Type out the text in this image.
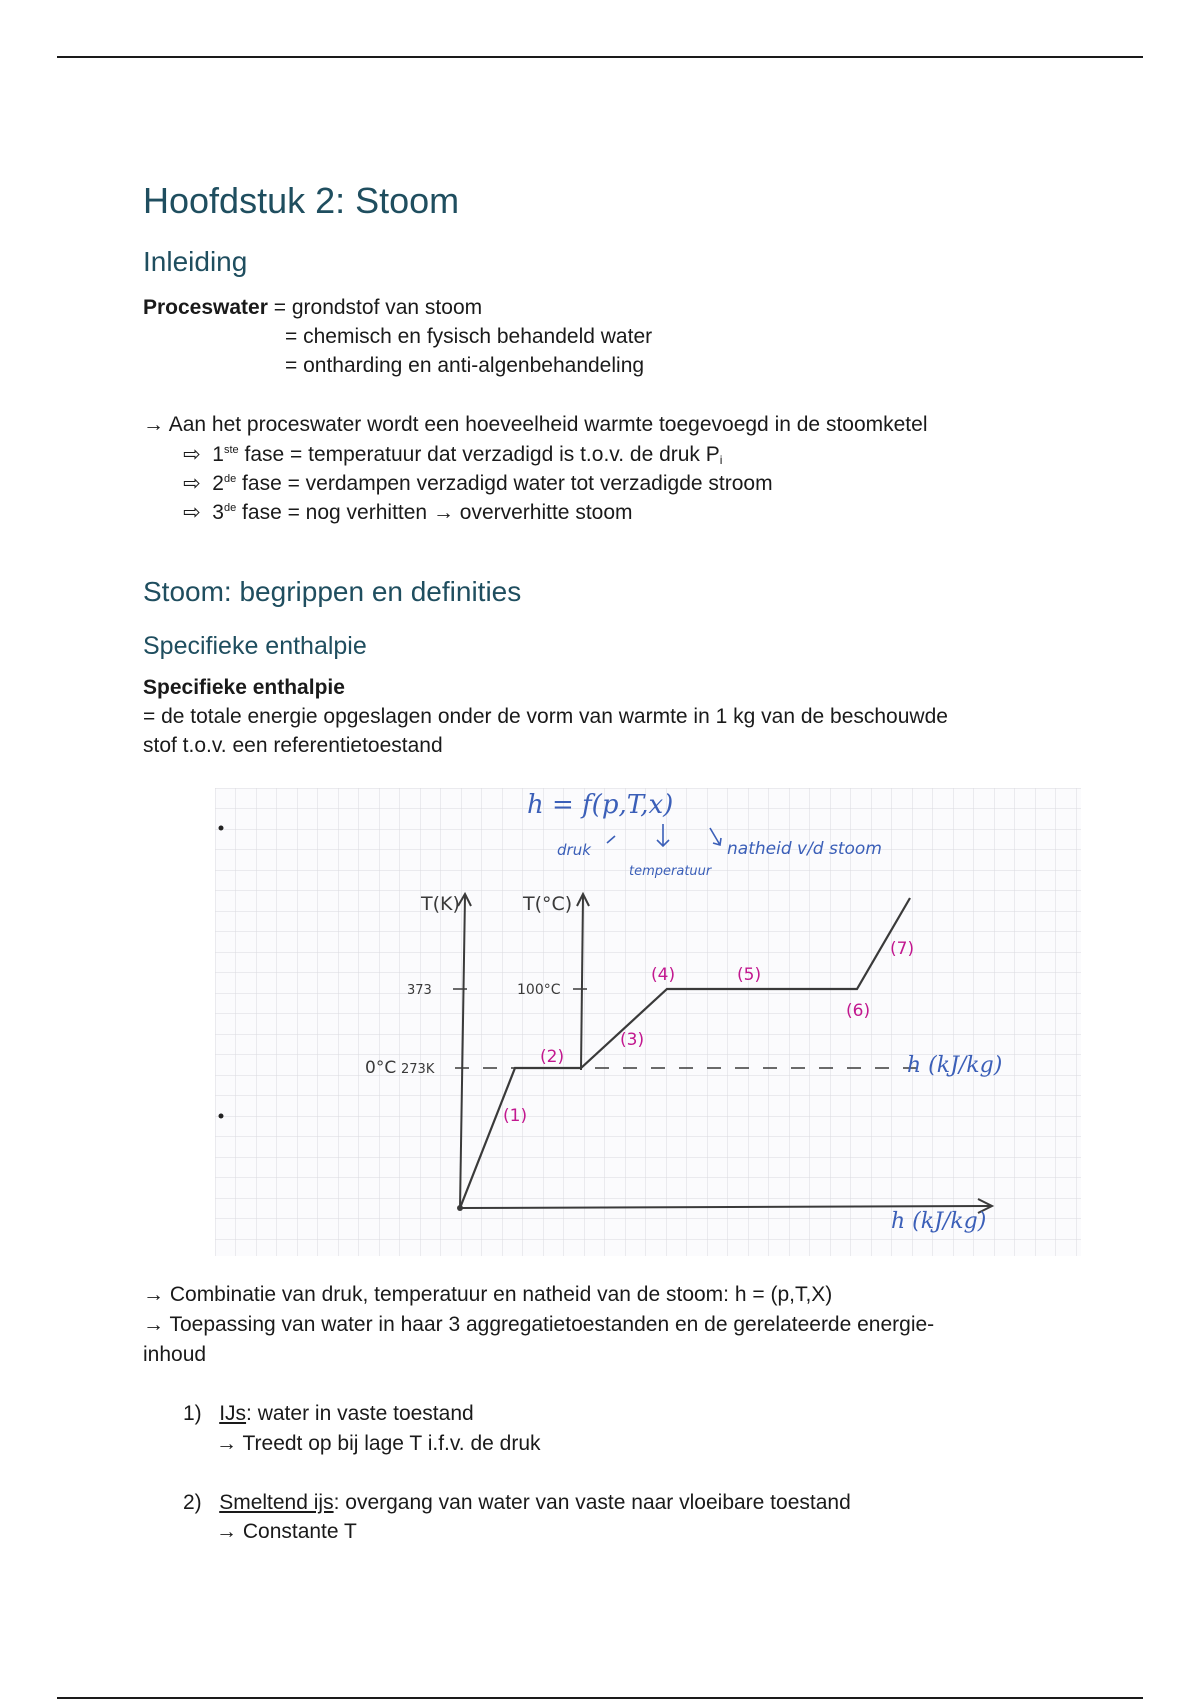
Hoofdstuk 2: Stoom
Inleiding
Proceswater = grondstof van stoom
= chemisch en fysisch behandeld water
= ontharding en anti-algenbehandeling
→ Aan het proceswater wordt een hoeveelheid warmte toegevoegd in de stoomketel
⇨ 1ste fase = temperatuur dat verzadigd is t.o.v. de druk $P_i$
⇨ 2de fase = verdampen verzadigd water tot verzadigde stroom
⇨ 3de fase = nog verhitten → oververhitte stoom
Stoom: begrippen en definities
Specifieke enthalpie
Specifieke enthalpie
= de totale energie opgeslagen onder de vorm van warmte in 1 kg van de beschouwde
stof t.o.v. een referentietoestand
h = f(p,T,x)
druk
temperatuur
natheid v/d stoom
T(K)	T(°C)
373	100°C
0°C 273K	h (kJ/kg)
h (kJ/kg)
(1)
(2)
(3)
(4)	(5)
(6)
(7)
→ Combinatie van druk, temperatuur en natheid van de stoom: h = (p,T,X)
→ Toepassing van water in haar 3 aggregatietoestanden en de gerelateerde energie-
inhoud
1) IJs: water in vaste toestand
→ Treedt op bij lage T i.f.v. de druk
2) Smeltend ijs: overgang van water van vaste naar vloeibare toestand
→ Constante T
